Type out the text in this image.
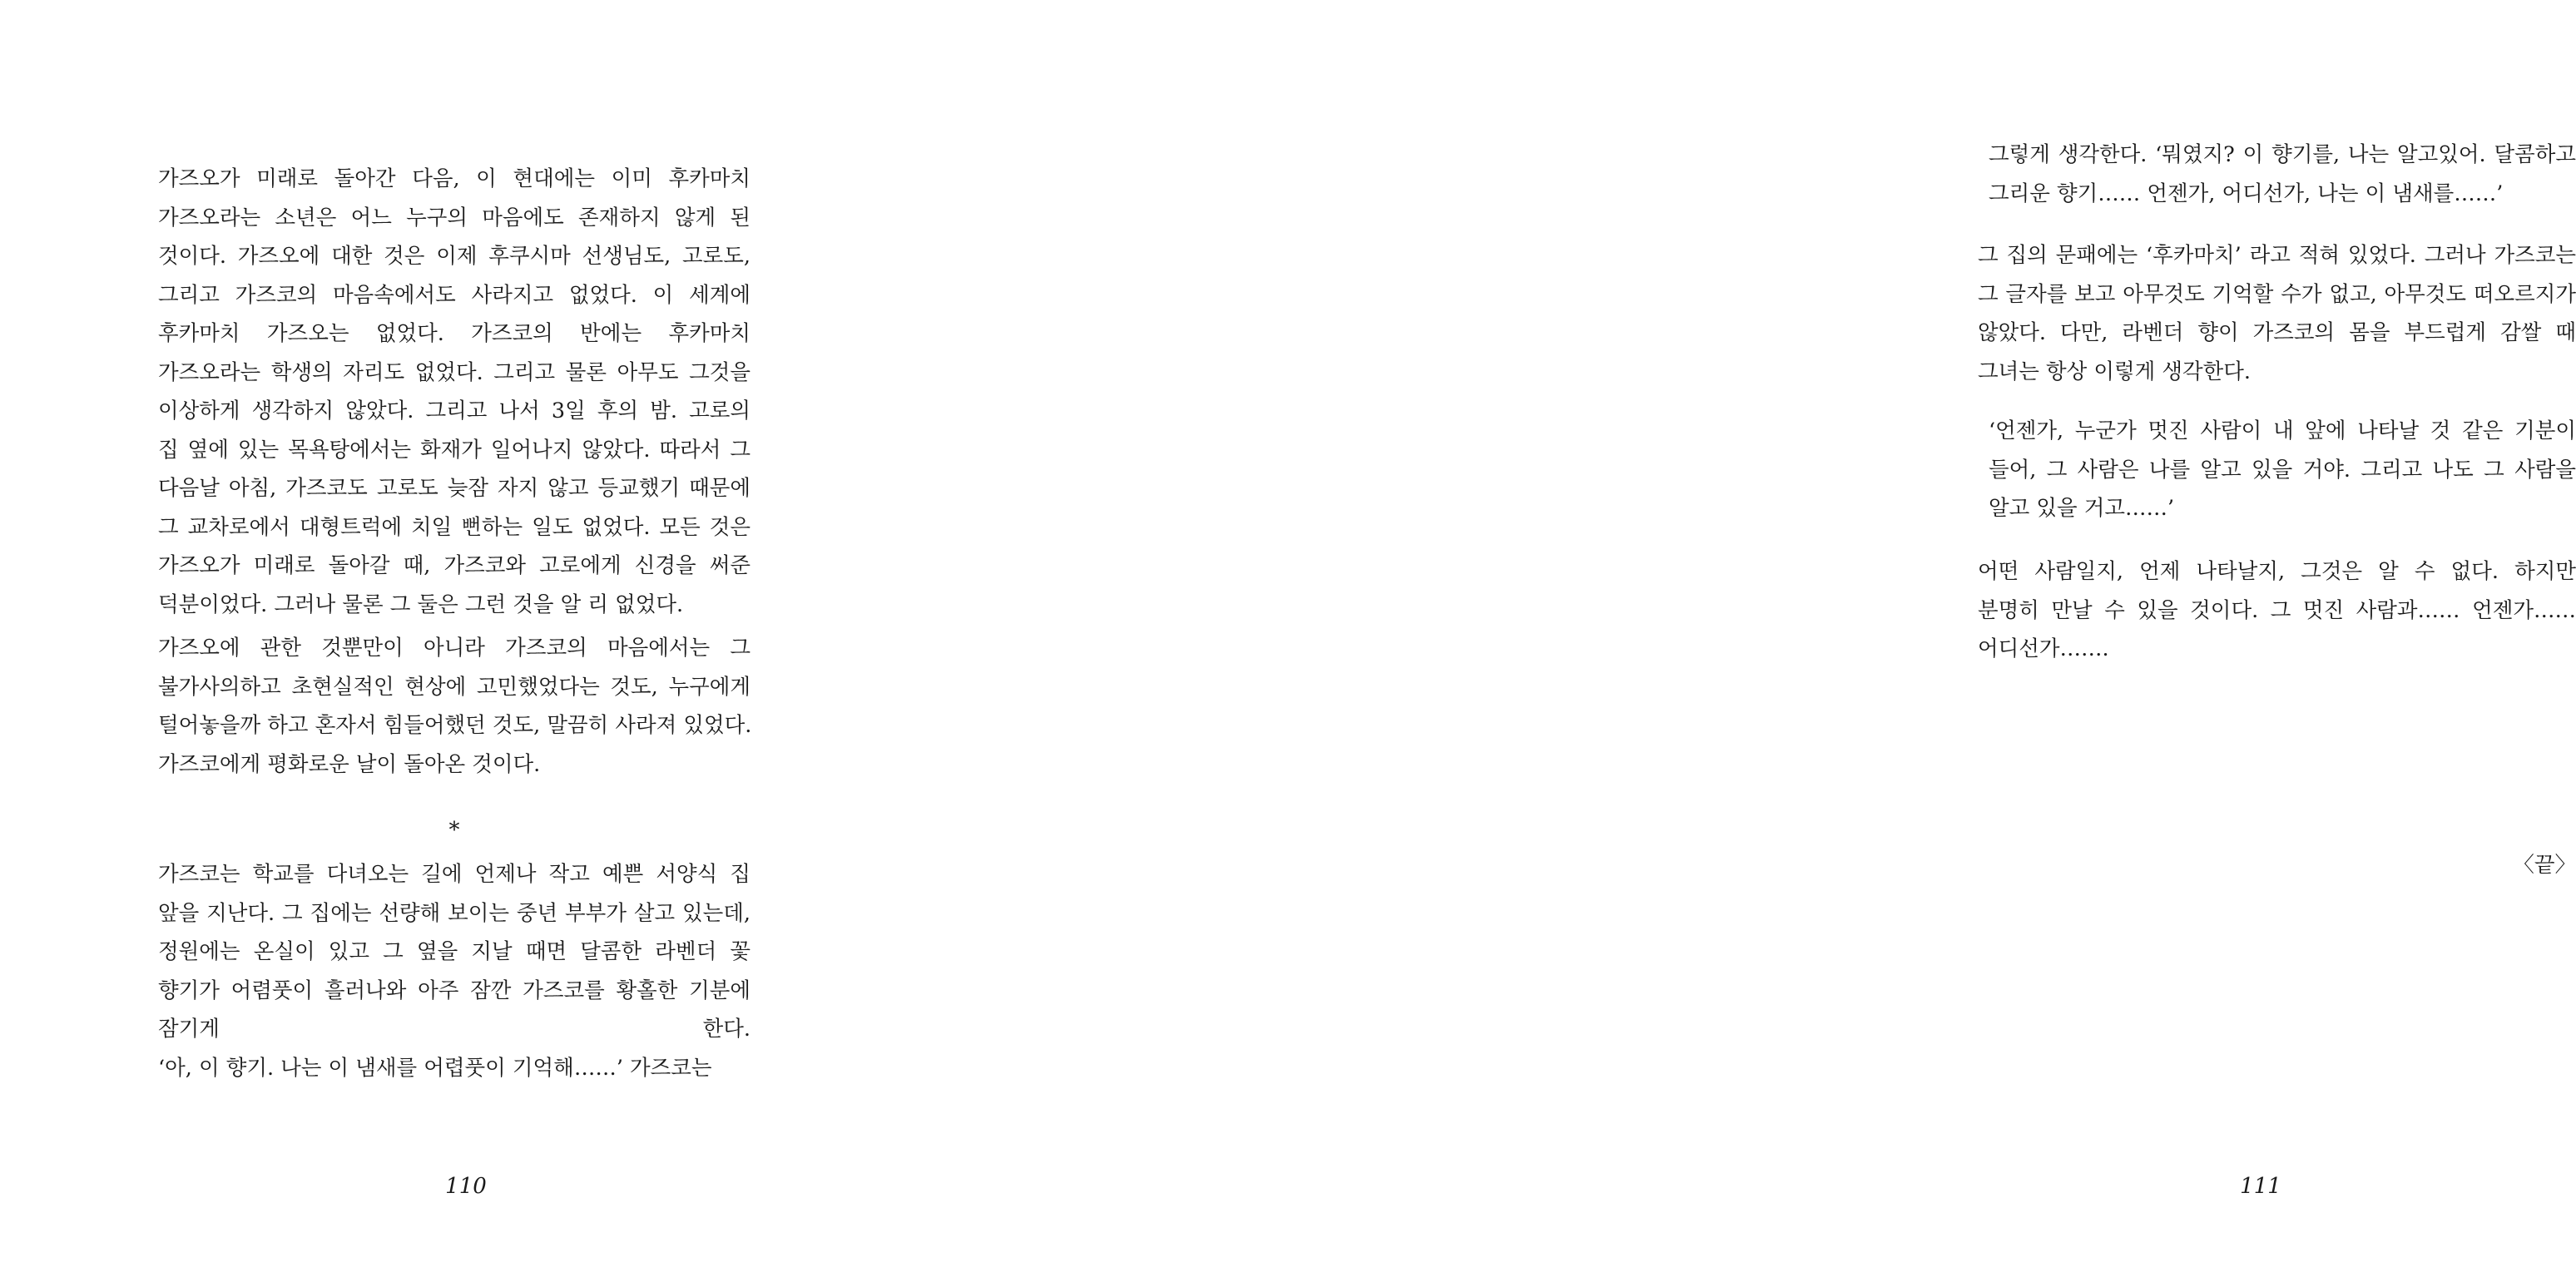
가즈오가 미래로 돌아간 다음, 이 현대에는 이미 후카마치
가즈오라는 소년은 어느 누구의 마음에도 존재하지 않게 된
것이다. 가즈오에 대한 것은 이제 후쿠시마 선생님도, 고로도,
그리고 가즈코의 마음속에서도 사라지고 없었다. 이 세계에
후카마치 가즈오는 없었다. 가즈코의 반에는 후카마치
가즈오라는 학생의 자리도 없었다. 그리고 물론 아무도 그것을
이상하게 생각하지 않았다. 그리고 나서 3일 후의 밤. 고로의
집 옆에 있는 목욕탕에서는 화재가 일어나지 않았다. 따라서 그
다음날 아침, 가즈코도 고로도 늦잠 자지 않고 등교했기 때문에
그 교차로에서 대형트럭에 치일 뻔하는 일도 없었다. 모든 것은
가즈오가 미래로 돌아갈 때, 가즈코와 고로에게 신경을 써준
덕분이었다. 그러나 물론 그 둘은 그런 것을 알 리 없었다.
가즈오에 관한 것뿐만이 아니라 가즈코의 마음에서는 그
불가사의하고 초현실적인 현상에 고민했었다는 것도, 누구에게
털어놓을까 하고 혼자서 힘들어했던 것도, 말끔히 사라져 있었다.
가즈코에게 평화로운 날이 돌아온 것이다.
*
가즈코는 학교를 다녀오는 길에 언제나 작고 예쁜 서양식 집
앞을 지난다. 그 집에는 선량해 보이는 중년 부부가 살고 있는데,
정원에는 온실이 있고 그 옆을 지날 때면 달콤한 라벤더 꽃
향기가 어렴풋이 흘러나와 아주 잠깐 가즈코를 황홀한 기분에
잠기게 한다.
‘아, 이 향기. 나는 이 냄새를 어렵풋이 기억해……’ 가즈코는
110
그렇게 생각한다. ‘뭐였지? 이 향기를, 나는 알고있어. 달콤하고
그리운 향기…… 언젠가, 어디선가, 나는 이 냄새를……’
그 집의 문패에는 ‘후카마치’ 라고 적혀 있었다. 그러나 가즈코는
그 글자를 보고 아무것도 기억할 수가 없고, 아무것도 떠오르지가
않았다. 다만, 라벤더 향이 가즈코의 몸을 부드럽게 감쌀 때
그녀는 항상 이렇게 생각한다.
‘언젠가, 누군가 멋진 사람이 내 앞에 나타날 것 같은 기분이
들어, 그 사람은 나를 알고 있을 거야. 그리고 나도 그 사람을
알고 있을 거고……’
어떤 사람일지, 언제 나타날지, 그것은 알 수 없다. 하지만
분명히 만날 수 있을 것이다. 그 멋진 사람과…… 언젠가……
어디선가…….
〈끝〉
111
